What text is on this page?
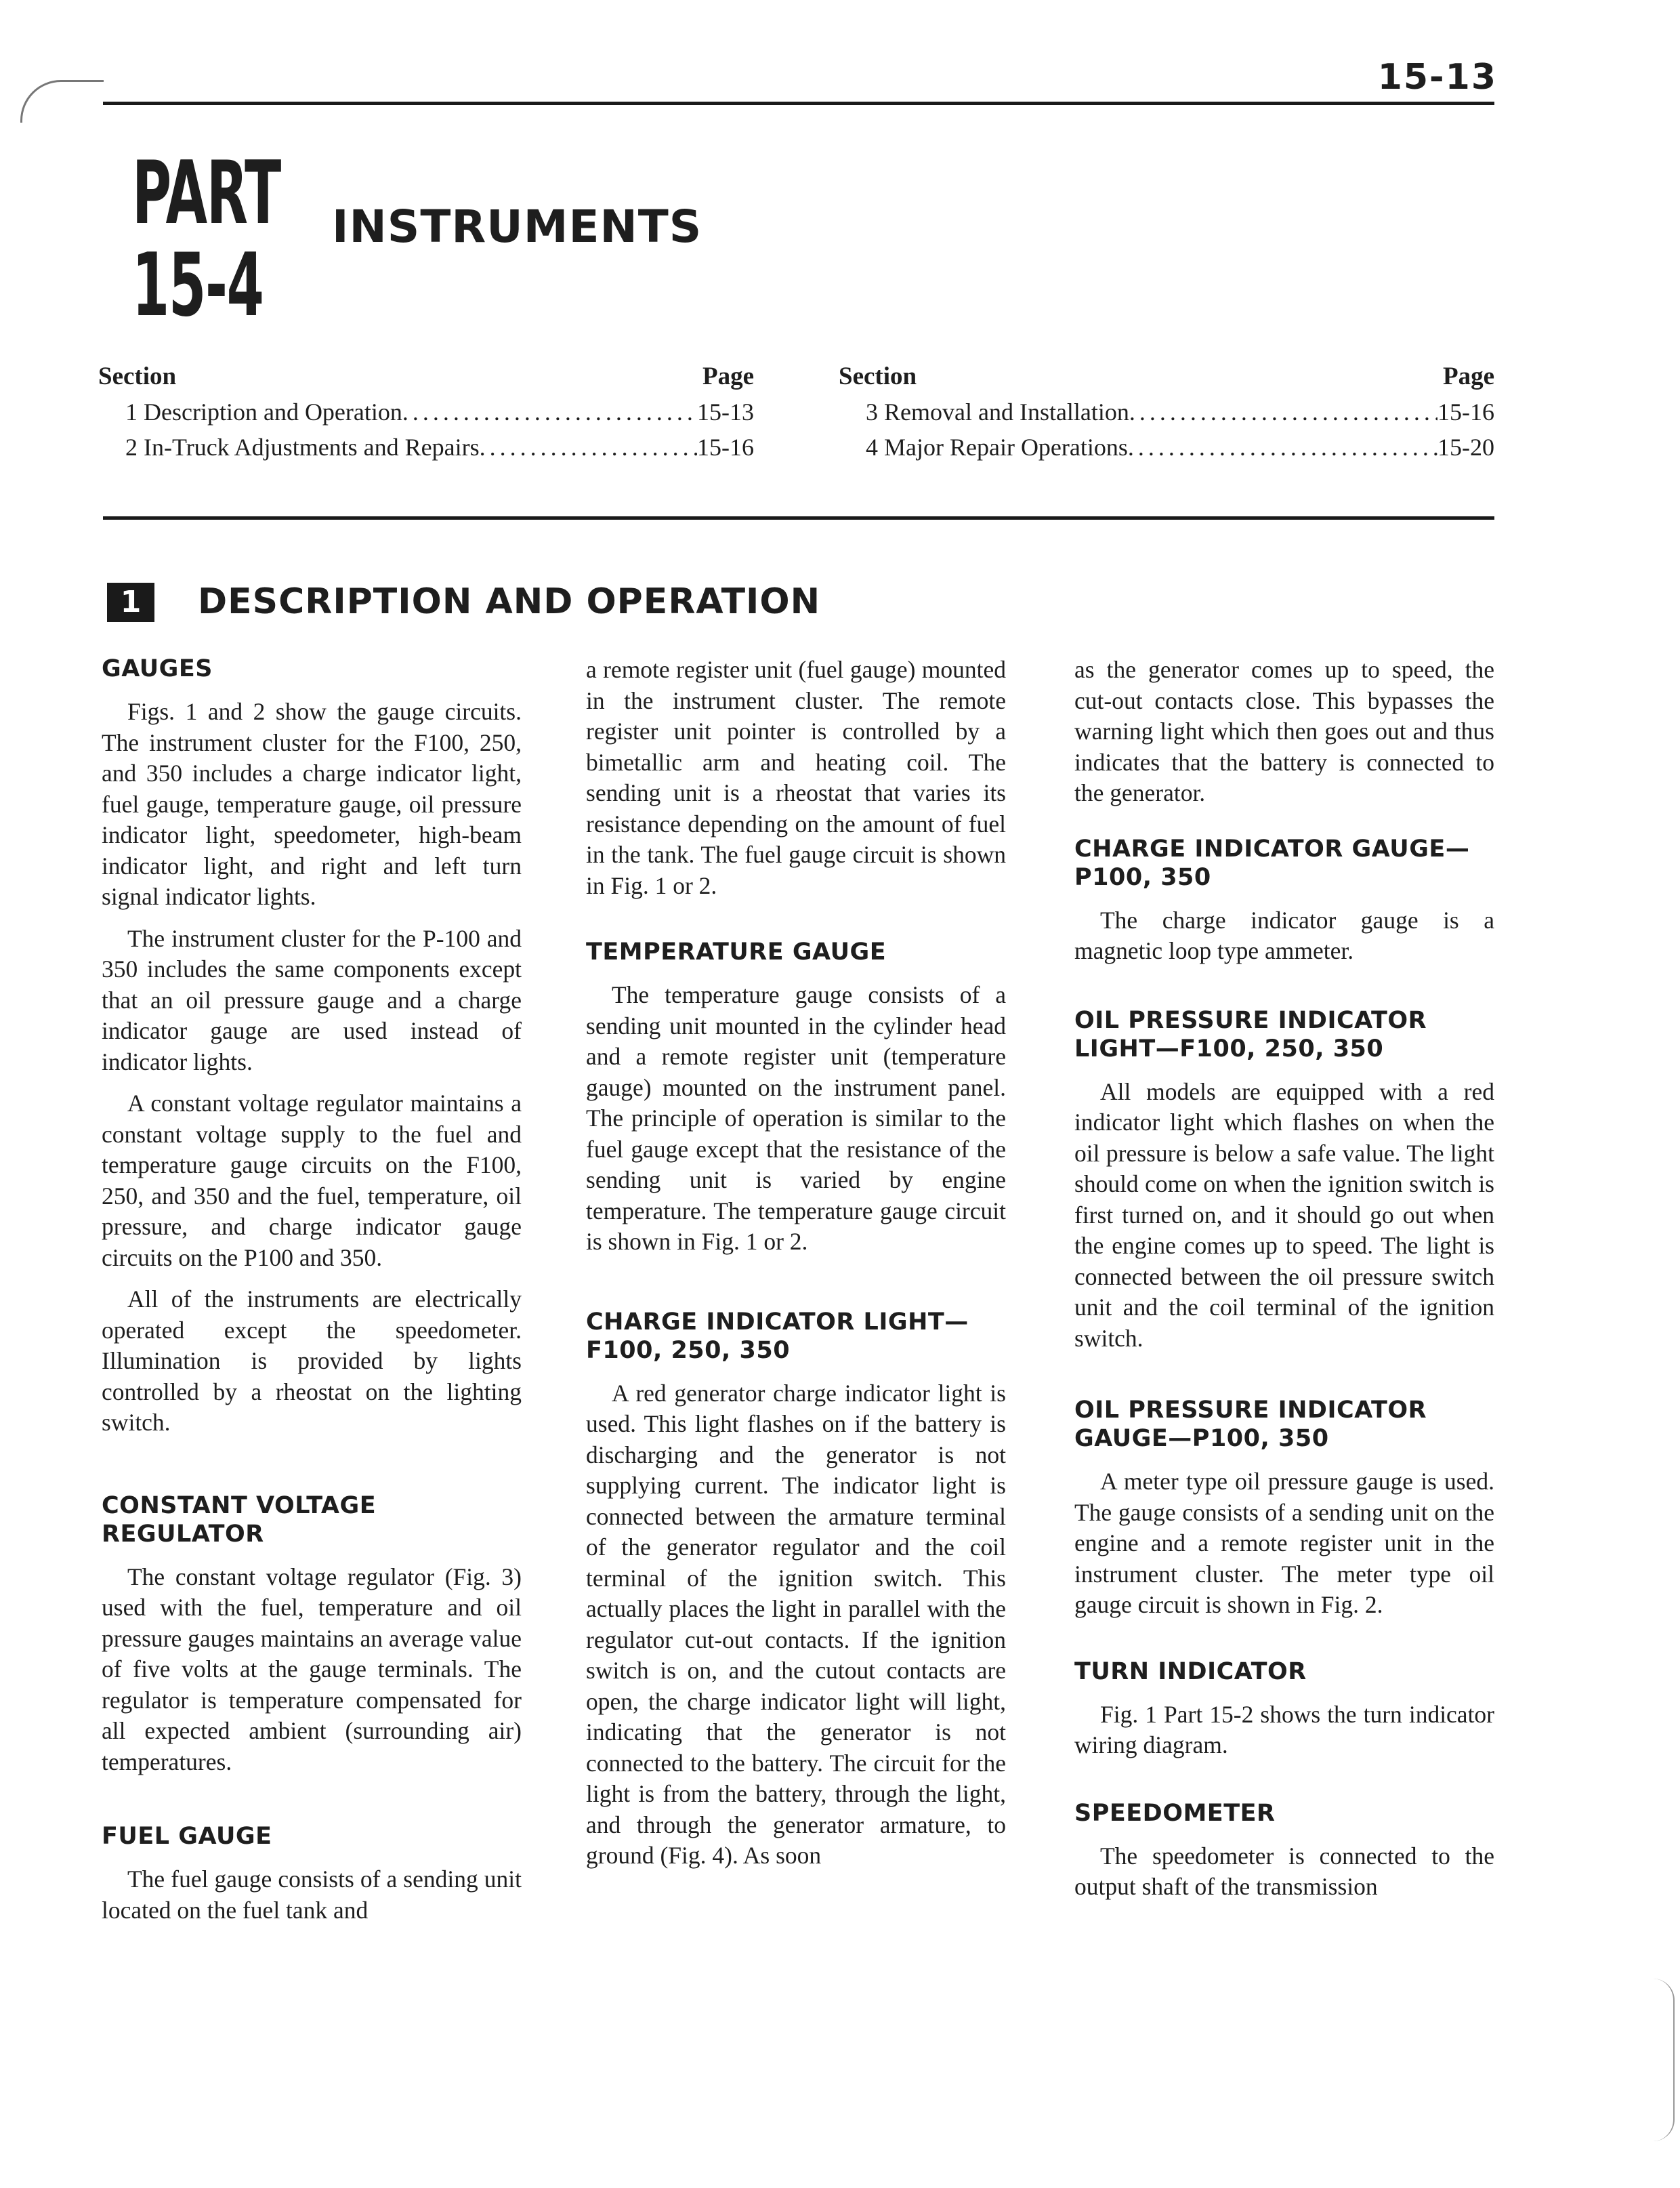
15-13
PART
15-4
INSTRUMENTS
Section	Page
1 Description and Operation .....	15-13
2 In-Truck Adjustments and Repairs .....	15-16
Section	Page
3 Removal and Installation .....	15-16
4 Major Repair Operations .....	15-20
1	DESCRIPTION AND OPERATION
GAUGES

Figs. 1 and 2 show the gauge circuits. The instrument cluster for the F100, 250, and 350 includes a charge indicator light, fuel gauge, temperature gauge, oil pressure indicator light, speedometer, high-beam indicator light, and right and left turn signal indicator lights.

The instrument cluster for the P-100 and 350 includes the same components except that an oil pressure gauge and a charge indicator gauge are used instead of indicator lights.

A constant voltage regulator maintains a constant voltage supply to the fuel and temperature gauge circuits on the F100, 250, and 350 and the fuel, temperature, oil pressure, and charge indicator gauge circuits on the P100 and 350.

All of the instruments are electrically operated except the speedometer. Illumination is provided by lights controlled by a rheostat on the lighting switch.

CONSTANT VOLTAGE REGULATOR

The constant voltage regulator (Fig. 3) used with the fuel, temperature and oil pressure gauges maintains an average value of five volts at the gauge terminals. The regulator is temperature compensated for all expected ambient (surrounding air) temperatures.

FUEL GAUGE

The fuel gauge consists of a sending unit located on the fuel tank and

a remote register unit (fuel gauge) mounted in the instrument cluster. The remote register unit pointer is controlled by a bimetallic arm and heating coil. The sending unit is a rheostat that varies its resistance depending on the amount of fuel in the tank. The fuel gauge circuit is shown in Fig. 1 or 2.

TEMPERATURE GAUGE

The temperature gauge consists of a sending unit mounted in the cylinder head and a remote register unit (temperature gauge) mounted on the instrument panel. The principle of operation is similar to the fuel gauge except that the resistance of the sending unit is varied by engine temperature. The temperature gauge circuit is shown in Fig. 1 or 2.

CHARGE INDICATOR LIGHT— F100, 250, 350

A red generator charge indicator light is used. This light flashes on if the battery is discharging and the generator is not supplying current. The indicator light is connected between the armature terminal of the generator regulator and the coil terminal of the ignition switch. This actually places the light in parallel with the regulator cut-out contacts. If the ignition switch is on, and the cutout contacts are open, the charge indicator light will light, indicating that the generator is not connected to the battery. The circuit for the light is from the battery, through the light, and through the generator armature, to ground (Fig. 4). As soon

as the generator comes up to speed, the cut-out contacts close. This bypasses the warning light which then goes out and thus indicates that the battery is connected to the generator.

CHARGE INDICATOR GAUGE— P100, 350

The charge indicator gauge is a magnetic loop type ammeter.

OIL PRESSURE INDICATOR LIGHT—F100, 250, 350

All models are equipped with a red indicator light which flashes on when the oil pressure is below a safe value. The light should come on when the ignition switch is first turned on, and it should go out when the engine comes up to speed. The light is connected between the oil pressure switch unit and the coil terminal of the ignition switch.

OIL PRESSURE INDICATOR GAUGE—P100, 350

A meter type oil pressure gauge is used. The gauge consists of a sending unit on the engine and a remote register unit in the instrument cluster. The meter type oil gauge circuit is shown in Fig. 2.

TURN INDICATOR

Fig. 1 Part 15-2 shows the turn indicator wiring diagram.

SPEEDOMETER

The speedometer is connected to the output shaft of the transmission
